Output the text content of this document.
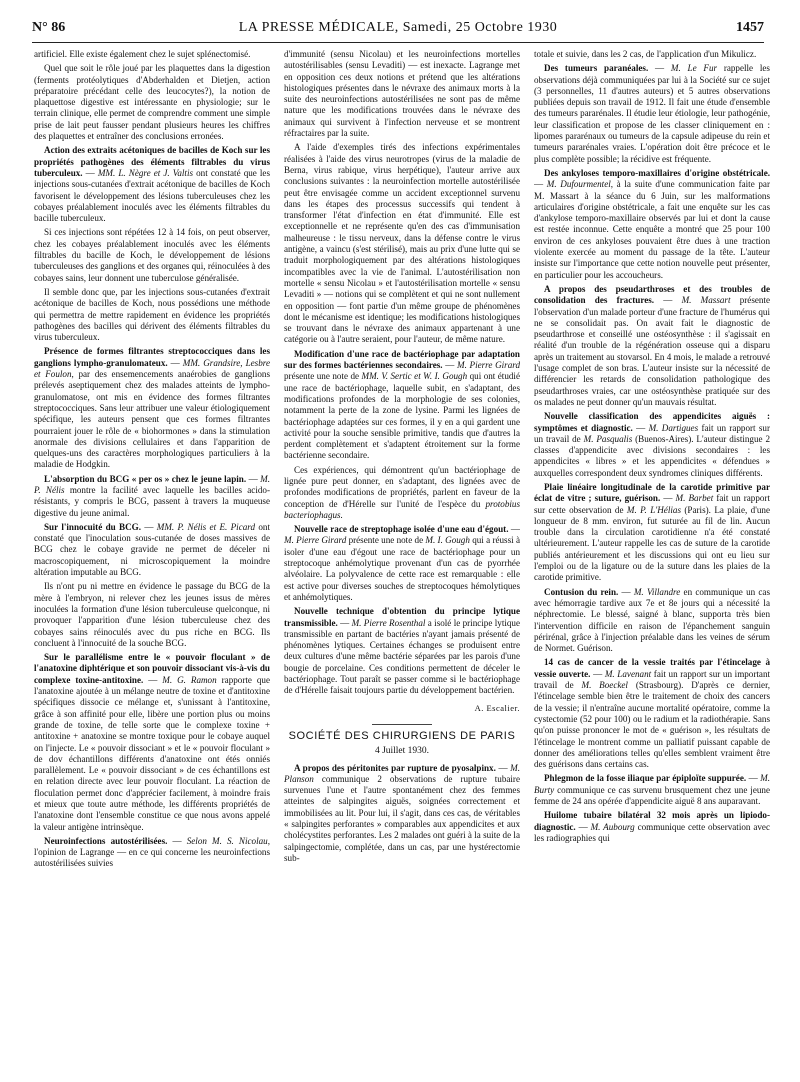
N° 86	LA PRESSE MÉDICALE, Samedi, 25 Octobre 1930	1457

artificiel. Elle existe également chez le sujet splénectomisé.

Quel que soit le rôle joué par les plaquettes dans la digestion (ferments protéolytiques d'Abderhalden et Dietjen, action préparatoire précédant celle des leucocytes?), la notion de plaquettose digestive est intéressante en physiologie; sur le terrain clinique, elle permet de comprendre comment une simple prise de lait peut fausser pendant plusieurs heures les chiffres des plaquettes et entraîner des conclusions erronées.

Action des extraits acétoniques de bacilles de Koch sur les propriétés pathogènes des éléments filtrables du virus tuberculeux. — MM. L. Nègre et J. Valtis ont constaté que les injections sous-cutanées d'extrait acétonique de bacilles de Koch favorisent le développement des lésions tuberculeuses chez les cobayes préalablement inoculés avec les éléments filtrables du bacille tuberculeux.

Si ces injections sont répétées 12 à 14 fois, on peut observer, chez les cobayes préalablement inoculés avec les éléments filtrables du bacille de Koch, le développement de lésions tuberculeuses des ganglions et des organes qui, réinoculées à des cobayes sains, leur donnent une tuberculose généralisée.

Il semble donc que, par les injections sous-cutanées d'extrait acétonique de bacilles de Koch, nous possédions une méthode qui permettra de mettre rapidement en évidence les propriétés pathogènes des bacilles qui dérivent des éléments filtrables du virus tuberculeux.

Présence de formes filtrantes streptococciques dans les ganglions lympho-granulomateux. — MM. Grandsire, Lesbre et Foulon, par des ensemencements anaérobies de ganglions prélevés aseptiquement chez des malades atteints de lympho-granulomatose, ont mis en évidence des formes filtrantes streptococciques. Sans leur attribuer une valeur étiologiquement spécifique, les auteurs pensent que ces formes filtrantes pourraient jouer le rôle de « biohormones » dans la stimulation anormale des divisions cellulaires et dans l'apparition de quelques-uns des caractères morphologiques particuliers à la maladie de Hodgkin.

L'absorption du BCG « per os » chez le jeune lapin. — M. P. Nélis montre la facilité avec laquelle les bacilles acido-résistants, y compris le BCG, passent à travers la muqueuse digestive du jeune animal.

Sur l'innocuité du BCG. — MM. P. Nélis et E. Picard ont constaté que l'inoculation sous-cutanée de doses massives de BCG chez le cobaye gravide ne permet de déceler ni macroscopiquement, ni microscopiquement la moindre altération imputable au BCG.

Ils n'ont pu ni mettre en évidence le passage du BCG de la mère à l'embryon, ni relever chez les jeunes issus de mères inoculées la formation d'une lésion tuberculeuse quelconque, ni provoquer l'apparition d'une lésion tuberculeuse chez des cobayes sains réinoculés avec du pus riche en BCG. Ils concluent à l'innocuité de la souche BCG.

Sur le parallélisme entre le « pouvoir floculant » de l'anatoxine diphtérique et son pouvoir dissociant vis-à-vis du complexe toxine-antitoxine. — M. G. Ramon rapporte que l'anatoxine ajoutée à un mélange neutre de toxine et d'antitoxine spécifiques dissocie ce mélange et, s'unissant à l'antitoxine, grâce à son affinité pour elle, libère une portion plus ou moins grande de toxine, de telle sorte que le complexe toxine + antitoxine + anatoxine se montre toxique pour le cobaye auquel on l'injecte. Le « pouvoir dissociant » et le « pouvoir floculant » de dov échantillons différents d'anatoxine ont étés onniés parallèlement. Le « pouvoir dissociant » de ces échantillons est en relation directe avec leur pouvoir floculant. La réaction de floculation permet donc d'apprécier facilement, à moindre frais et mieux que toute autre méthode, les différents propriétés de l'anatoxine dont l'ensemble constitue ce que nous avons appelé la valeur antigène intrinsèque.

Neuroinfections autostérilisées. — Selon M. S. Nicolau, l'opinion de Lagrange — en ce qui concerne les neuroinfections autostérilisées suivies

d'immunité (sensu Nicolau) et les neuroinfections mortelles autostérilisables (sensu Levaditi) — est inexacte. Lagrange met en opposition ces deux notions et prétend que les altérations histologiques présentes dans le névraxe des animaux morts à la suite des neuroinfections autostérilisées ne sont pas de même nature que les modifications trouvées dans le névraxe des animaux qui survivent à l'infection nerveuse et se montrent réfractaires par la suite.

A l'aide d'exemples tirés des infections expérimentales réalisées à l'aide des virus neurotropes (virus de la maladie de Berna, virus rabique, virus herpétique), l'auteur arrive aux conclusions suivantes : la neuroinfection mortelle autostérilisée peut être envisagée comme un accident exceptionnel survenu dans les étapes des processus successifs qui tendent à transformer l'état d'infection en état d'immunité. Elle est exceptionnelle et ne représente qu'en des cas d'immunisation malheureuse : le tissu nerveux, dans la défense contre le virus antigène, a vaincu (s'est stérilisé), mais au prix d'une lutte qui se traduit morphologiquement par des altérations histologiques incompatibles avec la vie de l'animal. L'autostérilisation non mortelle « sensu Nicolau » et l'autostérilisation mortelle « sensu Levaditi » — notions qui se complètent et qui ne sont nullement en opposition — font partie d'un même groupe de phénomènes dont le mécanisme est identique; les modifications histologiques se trouvant dans le névraxe des animaux appartenant à une catégorie ou à l'autre seraient, pour l'auteur, de même nature.

Modification d'une race de bactériophage par adaptation sur des formes bactériennes secondaires. — M. Pierre Girard présente une note de MM. V. Sertic et W. I. Gough qui ont étudié une race de bactériophage, laquelle subit, en s'adaptant, des modifications profondes de la morphologie de ses colonies, notamment la perte de la zone de lysine. Parmi les lignées de bactériophage adaptées sur ces formes, il y en a qui gardent une activité pour la souche sensible primitive, tandis que d'autres la perdent complètement et s'adaptent étroitement sur la forme bactérienne secondaire.

Ces expériences, qui démontrent qu'un bactériophage de lignée pure peut donner, en s'adaptant, des lignées avec de profondes modifications de propriétés, parlent en faveur de la conception de d'Hérelle sur l'unité de l'espèce du protobius bacteriophagus.

Nouvelle race de streptophage isolée d'une eau d'égout. — M. Pierre Girard présente une note de M. I. Gough qui a réussi à isoler d'une eau d'égout une race de bactériophage pour un streptocoque anhémolytique provenant d'un cas de pyorrhée alvéolaire. La polyvalence de cette race est remarquable : elle est active pour diverses souches de streptocoques hémolytiques et anhémolytiques.

Nouvelle technique d'obtention du principe lytique transmissible. — M. Pierre Rosenthal a isolé le principe lytique transmissible en partant de bactéries n'ayant jamais présenté de phénomènes lytiques. Certaines échanges se produisent entre deux cultures d'une même bactérie séparées par les parois d'une bougie de porcelaine. Ces conditions permettent de déceler le bactériophage. Tout paraît se passer comme si le bactériophage de d'Hérelle faisait toujours partie du développement bactérien.

A. Escalier.
SOCIÉTÉ DES CHIRURGIENS DE PARIS
4 Juillet 1930.

A propos des péritonites par rupture de pyosalpinx. — M. Planson communique 2 observations de rupture tubaire survenues l'une et l'autre spontanément chez des femmes atteintes de salpingites aiguës, soignées correctement et immobilisées au lit. Pour lui, il s'agit, dans ces cas, de véritables « salpingites perforantes » comparables aux appendicites et aux cholécystites perforantes. Les 2 malades ont guéri à la suite de la salpingectomie, complétée, dans un cas, par une hystérectomie sub-

totale et suivie, dans les 2 cas, de l'application d'un Mikulicz.

Des tumeurs paranéales. — M. Le Fur rappelle les observations déjà communiquées par lui à la Société sur ce sujet (3 personnelles, 11 d'autres auteurs) et 5 autres observations publiées depuis son travail de 1912. Il fait une étude d'ensemble des tumeurs pararénales. Il étudie leur étiologie, leur pathogénie, leur classification et propose de les classer cliniquement en : lipomes pararénaux ou tumeurs de la capsule adipeuse du rein et tumeurs pararénales vraies. L'opération doit être précoce et le plus complète possible; la récidive est fréquente.

Des ankyloses temporo-maxillaires d'origine obstétricale. — M. Dufourmentel, à la suite d'une communication faite par M. Massart à la séance du 6 Juin, sur les malformations articulaires d'origine obstétricale, a fait une enquête sur les cas d'ankylose temporo-maxillaire observés par lui et dont la cause est restée inconnue. Cette enquête a montré que 25 pour 100 environ de ces ankyloses pouvaient être dues à une traction violente exercée au moment du passage de la tête. L'auteur insiste sur l'importance que cette notion nouvelle peut présenter, en particulier pour les accoucheurs.

A propos des pseudarthroses et des troubles de consolidation des fractures. — M. Massart présente l'observation d'un malade porteur d'une fracture de l'humérus qui ne se consolidait pas. On avait fait le diagnostic de pseudarthrose et conseillé une ostéosynthèse : il s'agissait en réalité d'un trouble de la régénération osseuse qui a disparu après un traitement au stovarsol. En 4 mois, le malade a retrouvé l'usage complet de son bras. L'auteur insiste sur la nécessité de différencier les retards de consolidation pathologique des pseudarthroses vraies, car une ostéosynthèse pratiquée sur des os malades ne peut donner qu'un mauvais résultat.

Nouvelle classification des appendicites aiguës : symptômes et diagnostic. — M. Dartigues fait un rapport sur un travail de M. Pasqualis (Buenos-Aires). L'auteur distingue 2 classes d'appendicite avec divisions secondaires : les appendicites « libres » et les appendicites « défendues » auxquelles correspondent deux syndromes cliniques différents.

Plaie linéaire longitudinale de la carotide primitive par éclat de vitre ; suture, guérison. — M. Barbet fait un rapport sur cette observation de M. P. L'Hélias (Paris). La plaie, d'une longueur de 8 mm. environ, fut suturée au fil de lin. Aucun trouble dans la circulation carotidienne n'a été constaté ultérieurement. L'auteur rappelle les cas de suture de la carotide publiés antérieurement et les discussions qui ont eu lieu sur l'emploi ou de la ligature ou de la suture dans les plaies de la carotide primitive.

Contusion du rein. — M. Villandre en communique un cas avec hémorragie tardive aux 7e et 8e jours qui a nécessité la néphrectomie. Le blessé, saigné à blanc, supporta très bien l'intervention difficile en raison de l'épanchement sanguin périrénal, grâce à l'injection préalable dans les veines de sérum de Normet. Guérison.

14 cas de cancer de la vessie traités par l'étincelage à vessie ouverte. — M. Lavenant fait un rapport sur un important travail de M. Boeckel (Strasbourg). D'après ce dernier, l'étincelage semble bien être le traitement de choix des cancers de la vessie; il n'entraîne aucune mortalité opératoire, comme la cystectomie (52 pour 100) ou le radium et la radiothérapie. Sans qu'on puisse prononcer le mot de « guérison », les résultats de l'étincelage le montrent comme un palliatif puissant capable de donner des améliorations telles qu'elles semblent vraiment être des guérisons dans certains cas.

Phlegmon de la fosse iliaque par épiploïte suppurée. — M. Burty communique ce cas survenu brusquement chez une jeune femme de 24 ans opérée d'appendicite aiguë 8 ans auparavant.

Huilome tubaire bilatéral 32 mois après un lipiodo-diagnostic. — M. Aubourg communique cette observation avec les radiographies qui
